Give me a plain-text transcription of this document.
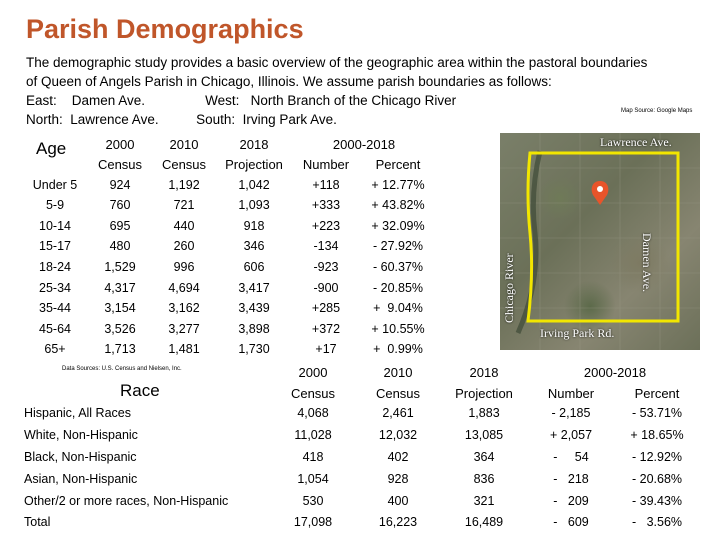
Parish Demographics
The demographic study provides a basic overview of the geographic area within the pastoral boundaries
of Queen of Angels Parish in Chicago, Illinois. We assume parish boundaries as follows:
East:    Damen Ave.                West:   North Branch of the Chicago River
North:  Lawrence Ave.          South:  Irving Park Ave.
Map Source: Google Maps
Lawrence Ave.
Damen Ave.
Chicago River
Irving Park Rd.
Age	2000	2010	2018	2000-2018
Census Census Projection Number Percent
Under 5	924	1,192	1,042	+118	+ 12.77%
5-9	760	721	1,093	+333	+ 43.82%
10-14	695	440	918	+223	+ 32.09%
15-17	480	260	346	-134	- 27.92%
18-24	1,529	996	606	-923	- 60.37%
25-34	4,317	4,694	3,417	-900	- 20.85%
35-44	3,154	3,162	3,439	+285	+  9.04%
45-64	3,526	3,277	3,898	+372	+ 10.55%
65+	1,713	1,481	1,730	+17	+  0.99%
Data Sources: U.S. Census and Nielsen, Inc.
Race
2000	2010	2018	2000-2018
Census	Census	Projection	Number	Percent
Hispanic, All Races	4,068	2,461	1,883	- 2,185	- 53.71%
White, Non-Hispanic	11,028	12,032	13,085	+ 2,057	+ 18.65%
Black, Non-Hispanic	418	402	364	-     54	- 12.92%
Asian, Non-Hispanic	1,054	928	836	-   218	- 20.68%
Other/2 or more races, Non-Hispanic	530	400	321	-   209	- 39.43%
Total	17,098	16,223	16,489	-   609	-   3.56%
